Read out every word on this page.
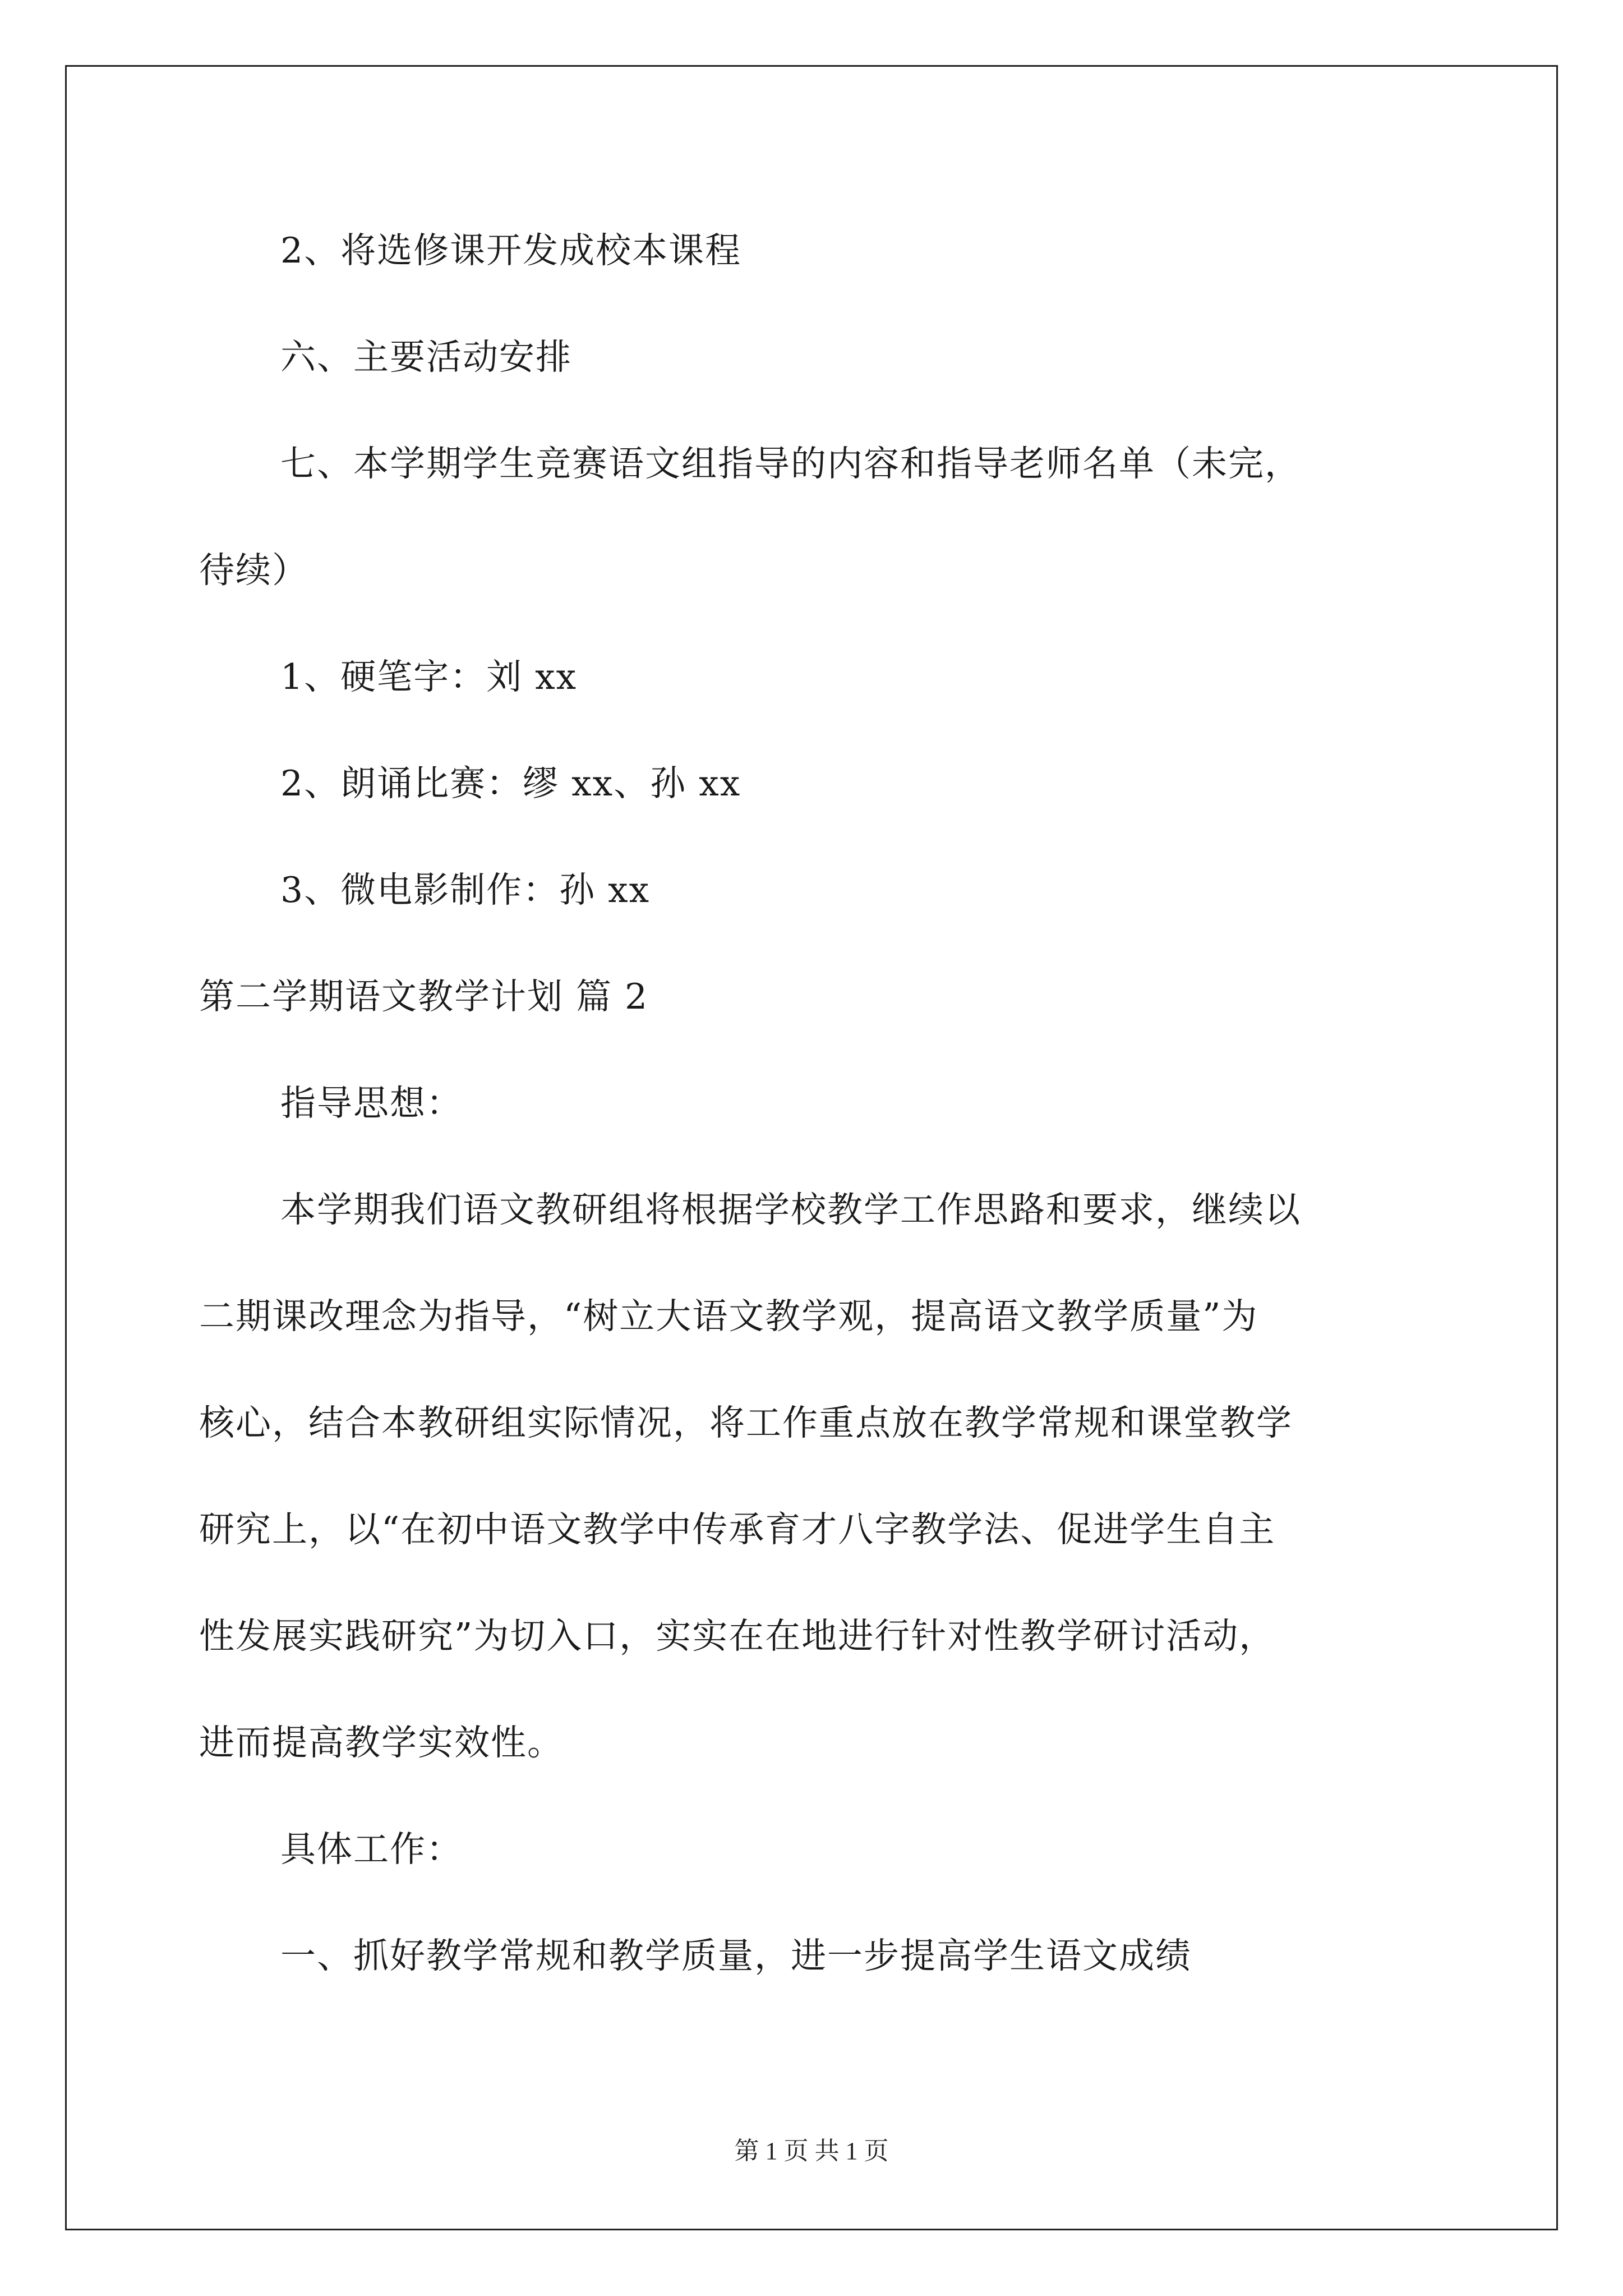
2、将选修课开发成校本课程
六、主要活动安排
七、本学期学生竞赛语文组指导的内容和指导老师名单（未完，
待续）
1、硬笔字：刘 xx
2、朗诵比赛：缪 xx、孙 xx
3、微电影制作：孙 xx
第二学期语文教学计划 篇 2
指导思想：
本学期我们语文教研组将根据学校教学工作思路和要求，继续以
二期课改理念为指导，“树立大语文教学观，提高语文教学质量”为
核心，结合本教研组实际情况，将工作重点放在教学常规和课堂教学
研究上，以“在初中语文教学中传承育才八字教学法、促进学生自主
性发展实践研究”为切入口，实实在在地进行针对性教学研讨活动，
进而提高教学实效性。
具体工作：
一、抓好教学常规和教学质量，进一步提高学生语文成绩
第 1 页 共 1 页
